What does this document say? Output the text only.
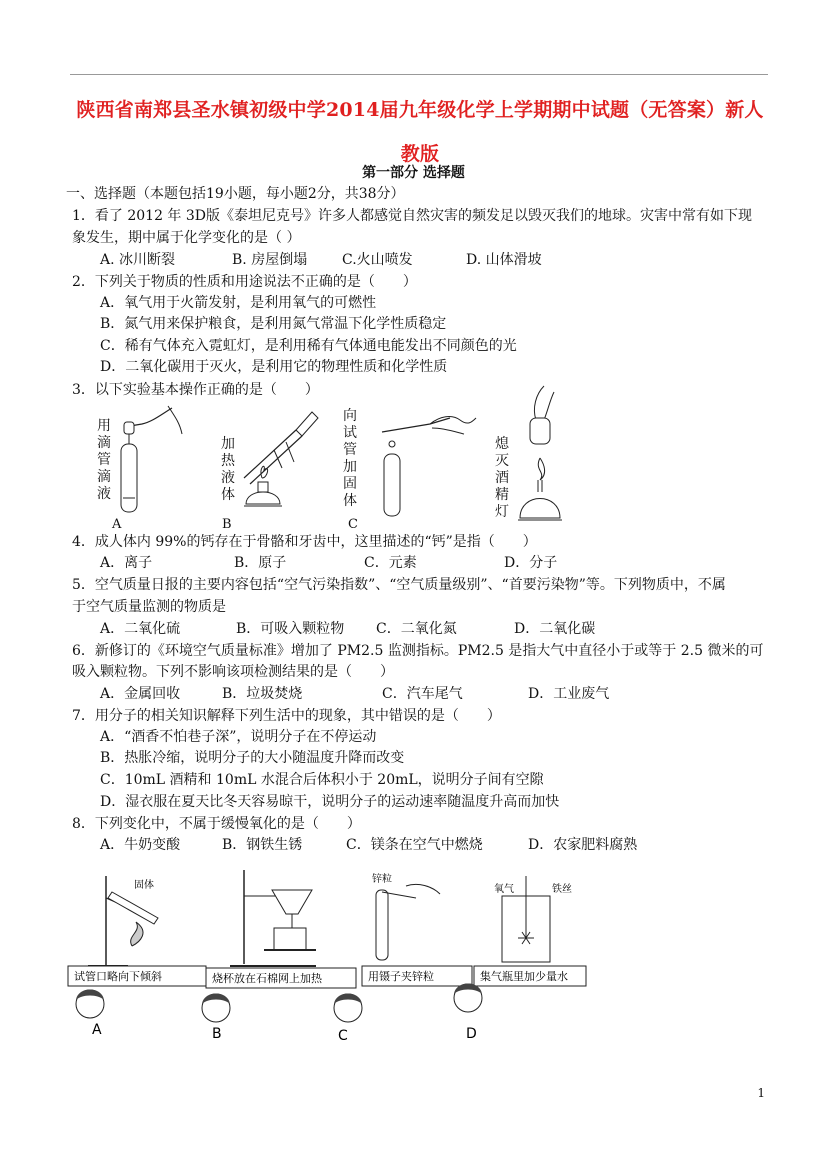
陕西省南郑县圣水镇初级中学2014届九年级化学上学期期中试题（无答案）新人
教版
第一部分 选择题
一、选择题（本题包括19小题，每小题2分，共38分）
1．看了 2012 年 3D版《泰坦尼克号》许多人都感觉自然灾害的频发足以毁灭我们的地球。灾害中常有如下现
象发生，期中属于化学变化的是（ ）
A. 冰川断裂	B. 房屋倒塌 C.火山喷发	D. 山体滑坡
2．下列关于物质的性质和用途说法不正确的是（　　）
A．氧气用于火箭发射，是利用氧气的可燃性
B．氮气用来保护粮食，是利用氮气常温下化学性质稳定
C．稀有气体充入霓虹灯，是利用稀有气体通电能发出不同颜色的光
D．二氧化碳用于灭火，是利用它的物理性质和化学性质
3．以下实验基本操作正确的是（　　）
用
滴
管
滴
液
A
加
热
液
体
B
向
试
管
加
固
体
C
熄
灭
酒
精
灯
4．成人体内 99%的钙存在于骨骼和牙齿中，这里描述的“钙”是指（　　）
A．离子	B．原子	C．元素	D．分子
5．空气质量日报的主要内容包括“空气污染指数”、“空气质量级别”、“首要污染物”等。下列物质中，不属
于空气质量监测的物质是
A．二氧化硫	B．可吸入颗粒物 C．二氧化氮	D．二氧化碳
6．新修订的《环境空气质量标准》增加了 PM2.5 监测指标。PM2.5 是指大气中直径小于或等于 2.5 微米的可
吸入颗粒物。下列不影响该项检测结果的是（　　）
A．金属回收	B．垃圾焚烧	C．汽车尾气	D．工业废气
7．用分子的相关知识解释下列生活中的现象，其中错误的是（　　）
A．“酒香不怕巷子深”，说明分子在不停运动
B．热胀冷缩，说明分子的大小随温度升降而改变
C．10mL 酒精和 10mL 水混合后体积小于 20mL，说明分子间有空隙
D．湿衣服在夏天比冬天容易晾干，说明分子的运动速率随温度升高而加快
8．下列变化中，不属于缓慢氧化的是（　　）
A．牛奶变酸	B．钢铁生锈	C．镁条在空气中燃烧	D．农家肥料腐熟
固体
试管口略向下倾斜
A
烧杯放在石棉网上加热
B
锌粒
用镊子夹锌粒
C
氧气	铁丝
集气瓶里加少量水
D
1
